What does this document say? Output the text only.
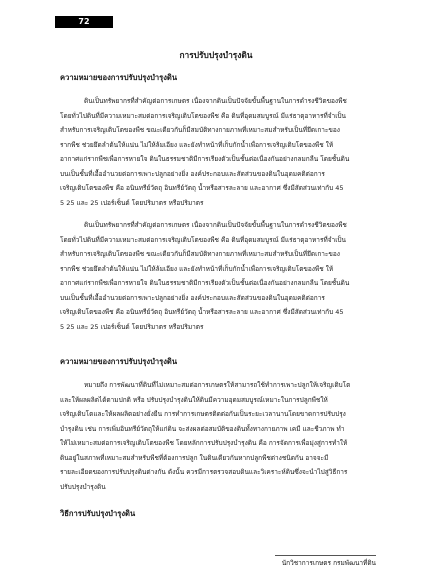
72
การปรับปรุงบำรุงดิน
ความหมายของการปรับปรุงบำรุงดิน
ดินเป็นทรัพยากรที่สำคัญต่อการเกษตร เนื่องจากดินเป็นปัจจัยขั้นพื้นฐานในการดำรงชีวิตของพืช
โดยทั่วไปดินที่มีความเหมาะสมต่อการเจริญเติบโตของพืช คือ ดินที่อุดมสมบูรณ์ มีแร่ธาตุอาหารที่จำเป็น
สำหรับการเจริญเติบโตของพืช ขณะเดียวกันก็มีสมบัติทางกายภาพที่เหมาะสมสำหรับเป็นที่ยึดเกาะของ
รากพืช ช่วยยึดลำต้นให้แน่น ไม่ให้ล้มเอียง และยังทำหน้าที่เก็บกักน้ำเพื่อการเจริญเติบโตของพืช ให้
อากาศแก่รากพืชเพื่อการหายใจ ดินในธรรมชาติมีการเรียงตัวเป็นชั้นต่อเนื่องกันอย่างกลมกลืน โดยชั้นดิน
บนเป็นชั้นที่เอื้ออำนวยต่อการเพาะปลูกอย่างยิ่ง องค์ประกอบและสัดส่วนของดินในอุดมคติต่อการ
เจริญเติบโตของพืช คือ อนินทรีย์วัตถุ อินทรีย์วัตถุ น้ำหรือสารละลาย และอากาศ ซึ่งมีสัดส่วนเท่ากับ 45
5 25 และ 25 เปอร์เซ็นต์ โดยปริมาตร หรือปริมาตร
ดินเป็นทรัพยากรที่สำคัญต่อการเกษตร เนื่องจากดินเป็นปัจจัยขั้นพื้นฐานในการดำรงชีวิตของพืช
โดยทั่วไปดินที่มีความเหมาะสมต่อการเจริญเติบโตของพืช คือ ดินที่อุดมสมบูรณ์ มีแร่ธาตุอาหารที่จำเป็น
สำหรับการเจริญเติบโตของพืช ขณะเดียวกันก็มีสมบัติทางกายภาพที่เหมาะสมสำหรับเป็นที่ยึดเกาะของ
รากพืช ช่วยยึดลำต้นให้แน่น ไม่ให้ล้มเอียง และยังทำหน้าที่เก็บกักน้ำเพื่อการเจริญเติบโตของพืช ให้
อากาศแก่รากพืชเพื่อการหายใจ ดินในธรรมชาติมีการเรียงตัวเป็นชั้นต่อเนื่องกันอย่างกลมกลืน โดยชั้นดิน
บนเป็นชั้นที่เอื้ออำนวยต่อการเพาะปลูกอย่างยิ่ง องค์ประกอบและสัดส่วนของดินในอุดมคติต่อการ
เจริญเติบโตของพืช คือ อนินทรีย์วัตถุ อินทรีย์วัตถุ น้ำหรือสารละลาย และอากาศ ซึ่งมีสัดส่วนเท่ากับ 45
5 25 และ 25 เปอร์เซ็นต์ โดยปริมาตร หรือปริมาตร
ความหมายของการปรับปรุงบำรุงดิน
หมายถึง การพัฒนาที่ดินที่ไม่เหมาะสมต่อการเกษตรให้สามารถใช้ทำการเพาะปลูกให้เจริญเติบโต
และให้ผลผลิตได้ตามปกติ หรือ ปรับปรุงบำรุงดินให้ดินมีความอุดมสมบูรณ์เหมาะในการปลูกพืชให้
เจริญเติบโตและให้ผลผลิตอย่างยั่งยืน การทำการเกษตรติดต่อกันเป็นระยะเวลานานโดยขาดการปรับปรุง
บำรุงดิน เช่น การเพิ่มอินทรีย์วัตถุให้แก่ดิน จะส่งผลต่อสมบัติของดินทั้งทางกายภาพ เคมี และชีวภาพ ทำ
ให้ไม่เหมาะสมต่อการเจริญเติบโตของพืช โดยหลักการปรับปรุงบำรุงดิน คือ การจัดการเพื่อมุ่งสู่การทำให้
ดินอยู่ในสภาพที่เหมาะสมสำหรับพืชที่ต้องการปลูก ในดินเดียวกันหากปลูกพืชต่างชนิดกัน อาจจะมี
รายละเอียดของการปรับปรุงดินต่างกัน ดังนั้น ควรมีการตรวจสอบดินและวิเคราะห์ดินซึ่งจะนำไปสู่วิธีการ
ปรับปรุงบำรุงดิน
วิธีการปรับปรุงบำรุงดิน
นักวิชาการเกษตร กรมพัฒนาที่ดิน
